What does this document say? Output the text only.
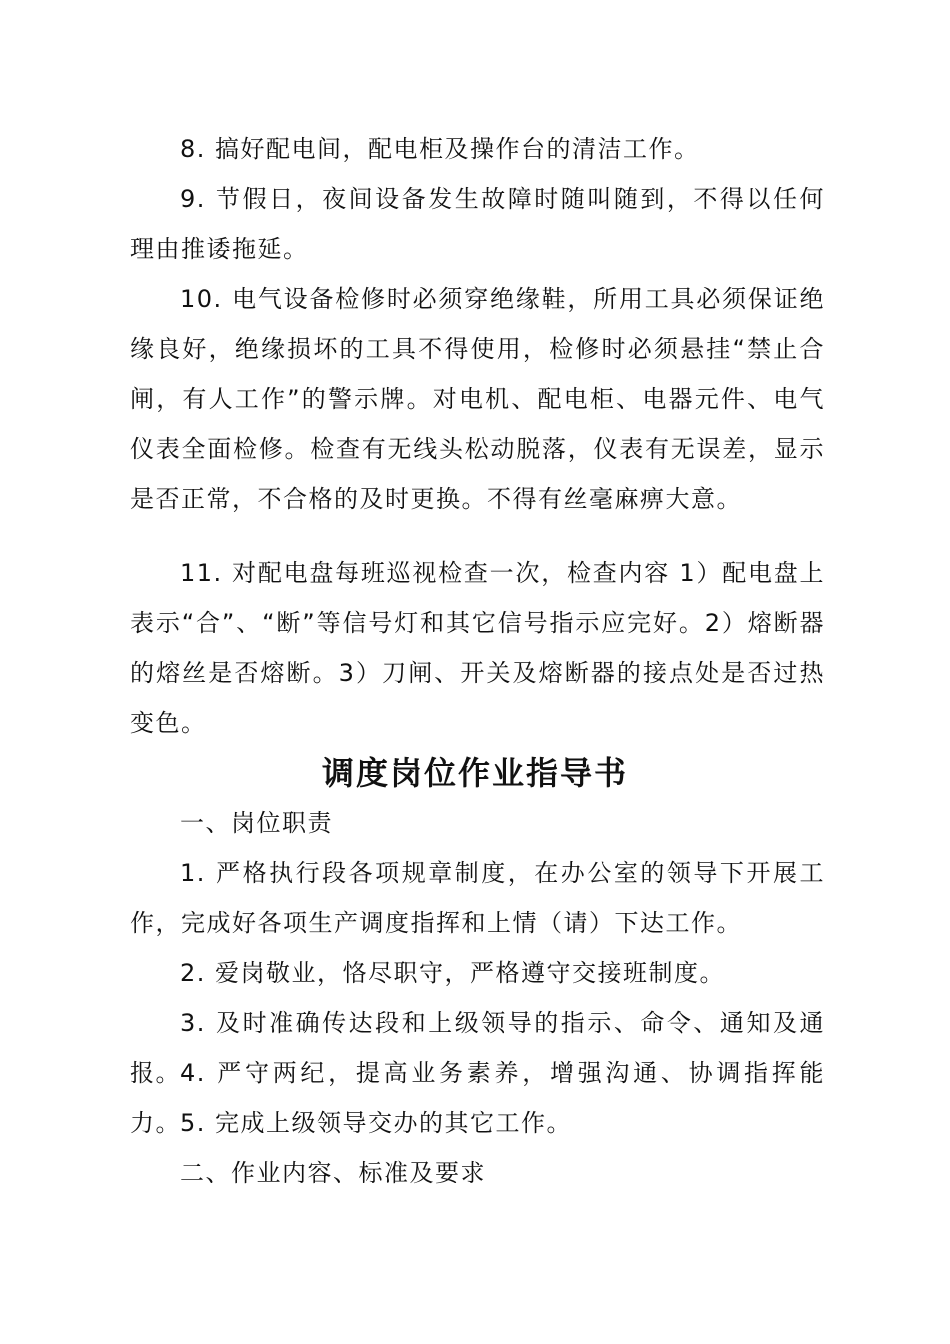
8. 搞好配电间，配电柜及操作台的清洁工作。

9. 节假日，夜间设备发生故障时随叫随到，不得以任何理由推诿拖延。

10. 电气设备检修时必须穿绝缘鞋，所用工具必须保证绝缘良好，绝缘损坏的工具不得使用，检修时必须悬挂“禁止合闸，有人工作”的警示牌。对电机、配电柜、电器元件、电气仪表全面检修。检查有无线头松动脱落，仪表有无误差，显示是否正常，不合格的及时更换。不得有丝毫麻痹大意。

11. 对配电盘每班巡视检查一次，检查内容 1）配电盘上表示“合”、“断”等信号灯和其它信号指示应完好。2）熔断器的熔丝是否熔断。3）刀闸、开关及熔断器的接点处是否过热变色。

调度岗位作业指导书

一、岗位职责

1. 严格执行段各项规章制度，在办公室的领导下开展工作，完成好各项生产调度指挥和上情（请）下达工作。

2. 爱岗敬业，恪尽职守，严格遵守交接班制度。

3. 及时准确传达段和上级领导的指示、命令、通知及通报。 4. 严守两纪，提高业务素养，增强沟通、协调指挥能力。 5. 完成上级领导交办的其它工作。

二、作业内容、标准及要求
